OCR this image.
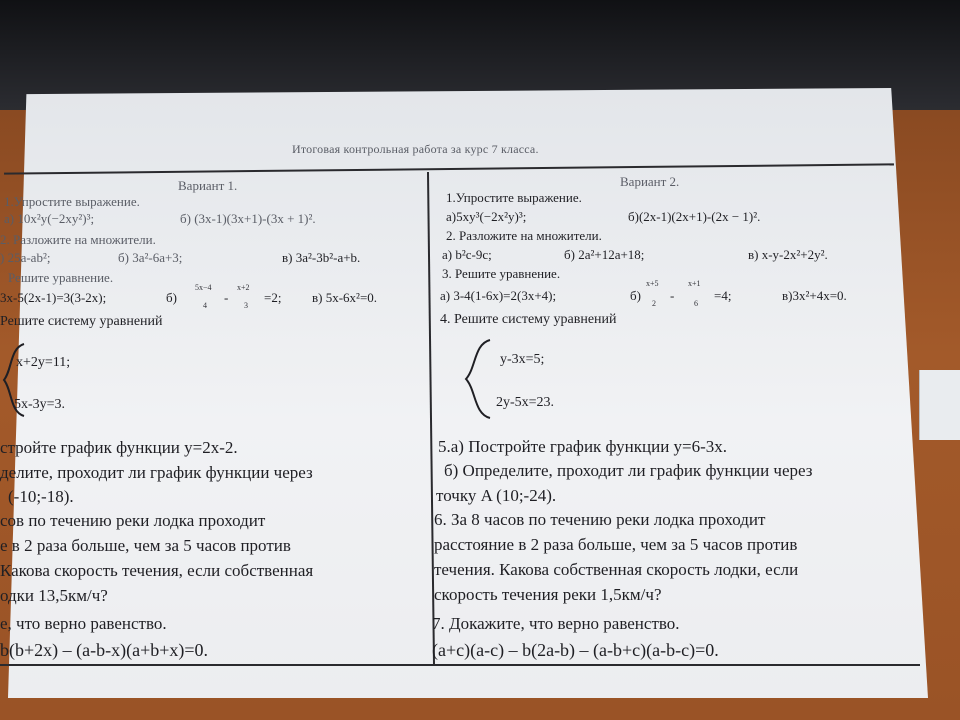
Итоговая контрольная работа за курс 7 класса.
Вариант 1.
1.Упростите выражение.
а) 10x²y(−2xy²)³;	б) (3x-1)(3x+1)-(3x + 1)².
2. Разложите на множители.
) 25a-ab²;	б) 3a²-6a+3;	в) 3a²-3b²-a+b.
Решите уравнение.
3x-5(2x-1)=3(3-2x);	б)
5x−4
4
-
x+2
3
=2; в) 5x-6x²=0.
Решите систему уравнений
x+2y=11;
5x-3y=3.
стройте график функции y=2x-2.
делите, проходит ли график функции через
(-10;-18).
сов по течению реки лодка проходит
е в 2 раза больше, чем за 5 часов против
Какова скорость течения, если собственная
одки 13,5км/ч?
е, что верно равенство.
b(b+2x) – (a-b-x)(a+b+x)=0.
Вариант 2.
1.Упростите выражение.
а)5xy³(−2x²y)³;	б)(2x-1)(2x+1)-(2x − 1)².
2. Разложите на множители.
а) b²c-9c;	б) 2a²+12a+18;	в) x-y-2x²+2y².
3. Решите уравнение.
а) 3-4(1-6x)=2(3x+4);	б)
x+5
2
-
x+1
6
=4;	в)3x²+4x=0.
4. Решите систему уравнений
y-3x=5;
2y-5x=23.
5.а) Постройте график функции y=6-3x.
б) Определите, проходит ли график функции через
точку A (10;-24).
6. За 8 часов по течению реки лодка проходит
расстояние в 2 раза больше, чем за 5 часов против
течения. Какова собственная скорость лодки, если
скорость течения реки 1,5км/ч?
7. Докажите, что верно равенство.
(a+c)(a-c) – b(2a-b) – (a-b+c)(a-b-c)=0.
